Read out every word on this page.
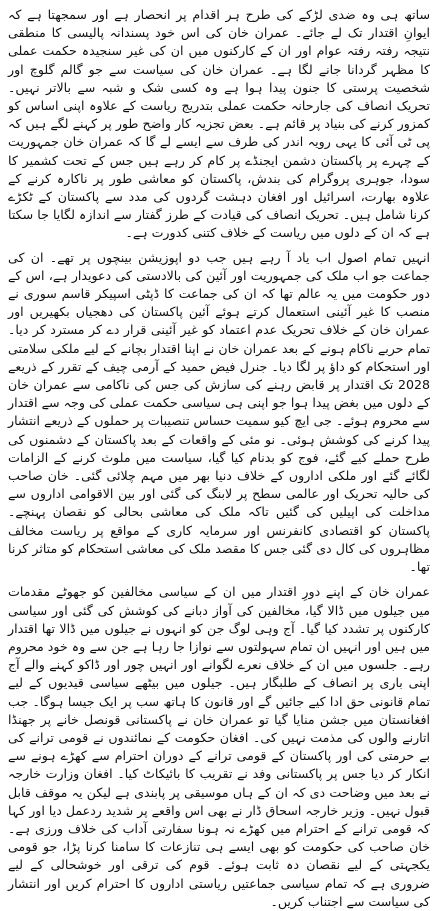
ساتھ ہی وہ ضدی لڑکے کی طرح ہر اقدام پر انحصار ہے اور سمجھتا ہے کہ ایوانِ اقتدار تک لے جائے۔ عمران خان کی اس خود پسندانہ پالیسی کا منطقی نتیجہ رفتہ رفتہ عوام اور ان کے کارکنوں میں ان کی غیر سنجیدہ حکمت عملی کا مظہر گردانا جانے لگا ہے۔ عمران خان کی سیاست سے جو گالم گلوچ اور شخصیت پرستی کا جنون پیدا ہوا ہے وہ کسی شک و شبہ سے بالاتر نہیں۔ تحریک انصاف کی جارحانہ حکمت عملی بتدریج ریاست کے علاوہ اپنی اساس کو کمزور کرنے کی بنیاد پر قائم ہے۔ بعض تجزیہ کار واضح طور پر کہنے لگے ہیں کہ پی ٹی آئی کا یہی رویہ اندر کی طرف سے ایسے لے گا کہ عمران خان جمہوریت کے چہرے پر پاکستان دشمن ایجنڈے پر کام کر رہے ہیں جس کے تحت کشمیر کا سودا، جوہری پروگرام کی بندش، پاکستان کو معاشی طور پر ناکارہ کرنے کے علاوہ بھارت، اسرائیل اور افغان دہشت گردوں کی مدد سے پاکستان کے ٹکڑے کرنا شامل ہیں۔ تحریک انصاف کی قیادت کے طرز گفتار سے اندازہ لگایا جا سکتا ہے کہ ان کے دلوں میں ریاست کے خلاف کتنی کدورت ہے۔

انہیں تمام اصول اب یاد آ رہے ہیں جب دو اپوزیشن بینچوں پر تھے۔ ان کی جماعت جو اب ملک کی جمہوریت اور آئین کی بالادستی کی دعویدار ہے، اس کے دور حکومت میں یہ عالم تھا کہ ان کی جماعت کا ڈپٹی اسپیکر قاسم سوری نے منصب کا غیر آئینی استعمال کرتے ہوئے آئین پاکستان کی دھجیاں بکھیریں اور عمران خان کے خلاف تحریک عدم اعتماد کو غیر آئینی قرار دے کر مسترد کر دیا۔ تمام حربے ناکام ہونے کے بعد عمران خان نے اپنا اقتدار بچانے کے لیے ملکی سلامتی اور استحکام کو داؤ پر لگا دیا۔ جنرل فیض حمید کے آرمی چیف کے تقرر کے ذریعے 2028 تک اقتدار پر قابض رہنے کی سازش کی جس کی ناکامی سے عمران خان کے دلوں میں بغض پیدا ہوا جو اپنی ہی سیاسی حکمت عملی کی وجہ سے اقتدار سے محروم ہوئے۔ جی ایچ کیو سمیت حساس تنصیبات پر حملوں کے ذریعے انتشار پیدا کرنے کی کوشش ہوئی۔ نو مئی کے واقعات کے بعد پاکستان کے دشمنوں کی طرح حملے کیے گئے، فوج کو بدنام کیا گیا، سیاست میں ملوث کرنے کے الزامات لگائے گئے اور ملکی اداروں کے خلاف دنیا بھر میں مہم چلائی گئی۔ خان صاحب کی حالیہ تحریک اور عالمی سطح پر لابنگ کی گئی اور بین الاقوامی اداروں سے مداخلت کی اپیلیں کی گئیں تاکہ ملک کی معاشی بحالی کو نقصان پہنچے۔ پاکستان کو اقتصادی کانفرنس اور سرمایہ کاری کے مواقع پر ریاست مخالف مظاہروں کی کال دی گئی جس کا مقصد ملک کی معاشی استحکام کو متاثر کرنا تھا۔

عمران خان کے اپنے دورِ اقتدار میں ان کے سیاسی مخالفین کو جھوٹے مقدمات میں جیلوں میں ڈالا گیا، مخالفین کی آواز دبانے کی کوشش کی گئی اور سیاسی کارکنوں پر تشدد کیا گیا۔ آج وہی لوگ جن کو انہوں نے جیلوں میں ڈالا تھا اقتدار میں ہیں اور انہیں ان تمام سہولتوں سے نوازا جا رہا ہے جن سے وہ خود محروم رہے۔ جلسوں میں ان کے خلاف نعرے لگوانے اور انہیں چور اور ڈاکو کہنے والے آج اپنی باری پر انصاف کے طلبگار ہیں۔ جیلوں میں بیٹھے سیاسی قیدیوں کے لیے تمام قانونی حق ادا کیے جائیں گے اور قانون کا ہاتھ سب پر ایک جیسا ہوگا۔ جب افغانستان میں جشن منایا گیا تو عمران خان نے پاکستانی قونصل خانے پر جھنڈا اتارنے والوں کی مذمت نہیں کی۔ افغان حکومت کے نمائندوں نے قومی ترانے کی بے حرمتی کی اور پاکستان کے قومی ترانے کے دوران احترام سے کھڑے ہونے سے انکار کر دیا جس پر پاکستانی وفد نے تقریب کا بائیکاٹ کیا۔ افغان وزارت خارجہ نے بعد میں وضاحت دی کہ ان کے ہاں موسیقی پر پابندی ہے لیکن یہ موقف قابل قبول نہیں۔ وزیر خارجہ اسحاق ڈار نے بھی اس واقعے پر شدید ردعمل دیا اور کہا کہ قومی ترانے کے احترام میں کھڑے نہ ہونا سفارتی آداب کی خلاف ورزی ہے۔ خان صاحب کی حکومت کو بھی ایسے ہی تنازعات کا سامنا کرنا پڑا، جو قومی یکجہتی کے لیے نقصان دہ ثابت ہوئے۔ قوم کی ترقی اور خوشحالی کے لیے ضروری ہے کہ تمام سیاسی جماعتیں ریاستی اداروں کا احترام کریں اور انتشار کی سیاست سے اجتناب کریں۔
